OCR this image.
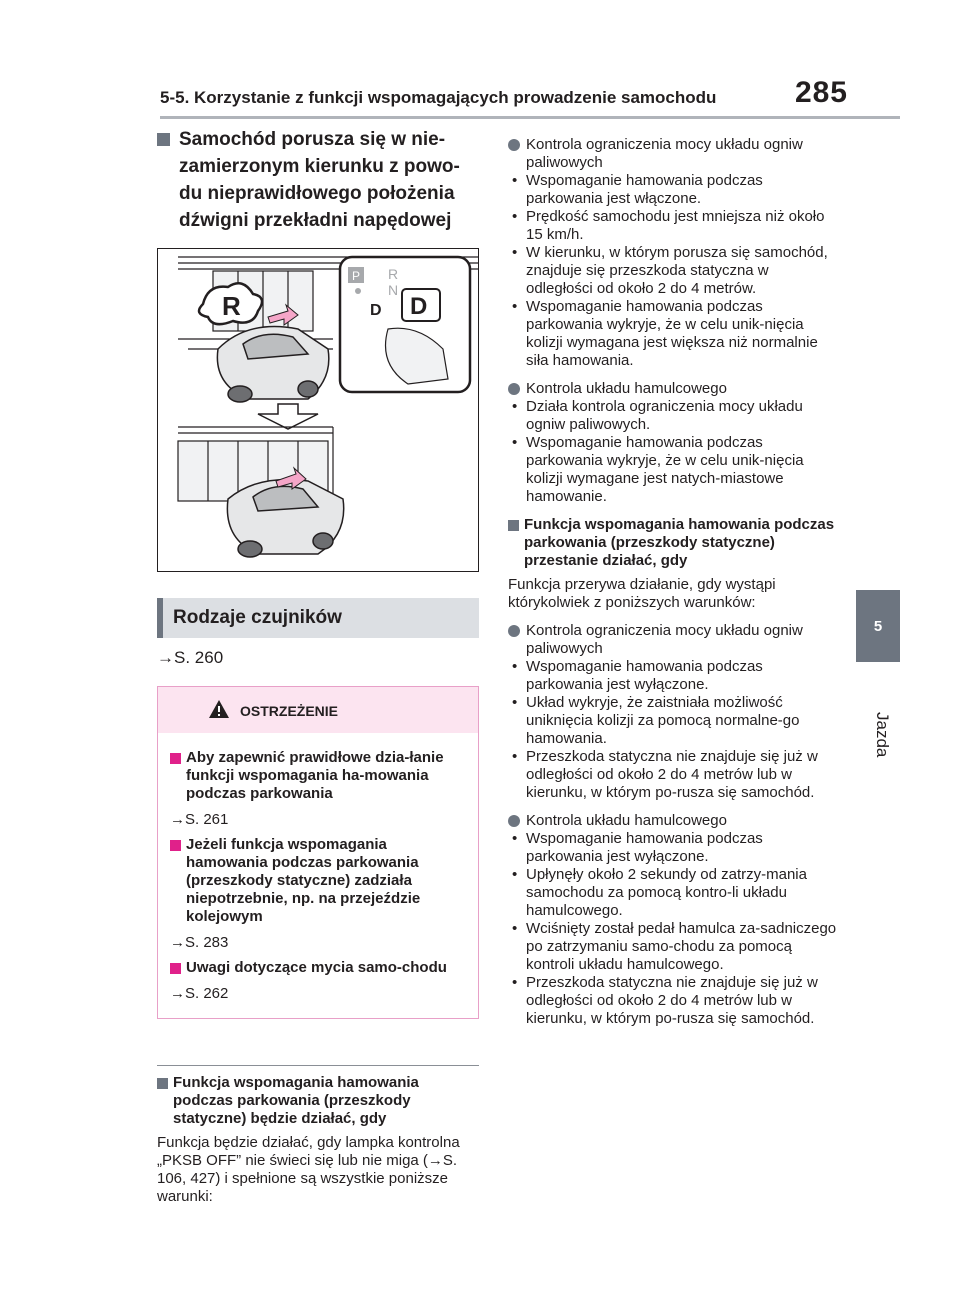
5-5. Korzystanie z funkcji wspomagających prowadzenie samochodu	285
5
Jazda
Samochód porusza się w nie-zamierzonym kierunku z powo-du nieprawidłowego położenia dźwigni przekładni napędowej
R
P R
N
D D
Rodzaje czujników
→S. 260
OSTRZEŻENIE
Aby zapewnić prawidłowe dzia-łanie funkcji wspomagania ha-mowania podczas parkowania
→S. 261
Jeżeli funkcja wspomagania hamowania podczas parkowania (przeszkody statyczne) zadziała niepotrzebnie, np. na przejeździe kolejowym
→S. 283
Uwagi dotyczące mycia samo-chodu
→S. 262
Funkcja wspomagania hamowania podczas parkowania (przeszkody statyczne) będzie działać, gdy
Funkcja będzie działać, gdy lampka kontrolna „PKSB OFF” nie świeci się lub nie miga (→S. 106, 427) i spełnione są wszystkie poniższe warunki:
Kontrola ograniczenia mocy układu ogniw paliwowych
• Wspomaganie hamowania podczas parkowania jest włączone.
• Prędkość samochodu jest mniejsza niż około 15 km/h.
• W kierunku, w którym porusza się samochód, znajduje się przeszkoda statyczna w odległości od około 2 do 4 metrów.
• Wspomaganie hamowania podczas parkowania wykryje, że w celu unik-nięcia kolizji wymagana jest większa niż normalnie siła hamowania.
Kontrola układu hamulcowego
• Działa kontrola ograniczenia mocy układu ogniw paliwowych.
• Wspomaganie hamowania podczas parkowania wykryje, że w celu unik-nięcia kolizji wymagane jest natych-miastowe hamowanie.
Funkcja wspomagania hamowania podczas parkowania (przeszkody statyczne) przestanie działać, gdy
Funkcja przerywa działanie, gdy wystąpi którykolwiek z poniższych warunków:
Kontrola ograniczenia mocy układu ogniw paliwowych
• Wspomaganie hamowania podczas parkowania jest wyłączone.
• Układ wykryje, że zaistniała możliwość uniknięcia kolizji za pomocą normalne-go hamowania.
• Przeszkoda statyczna nie znajduje się już w odległości od około 2 do 4 metrów lub w kierunku, w którym po-rusza się samochód.
Kontrola układu hamulcowego
• Wspomaganie hamowania podczas parkowania jest wyłączone.
• Upłynęły około 2 sekundy od zatrzy-mania samochodu za pomocą kontro-li układu hamulcowego.
• Wciśnięty został pedał hamulca za-sadniczego po zatrzymaniu samo-chodu za pomocą kontroli układu hamulcowego.
• Przeszkoda statyczna nie znajduje się już w odległości od około 2 do 4 metrów lub w kierunku, w którym po-rusza się samochód.
